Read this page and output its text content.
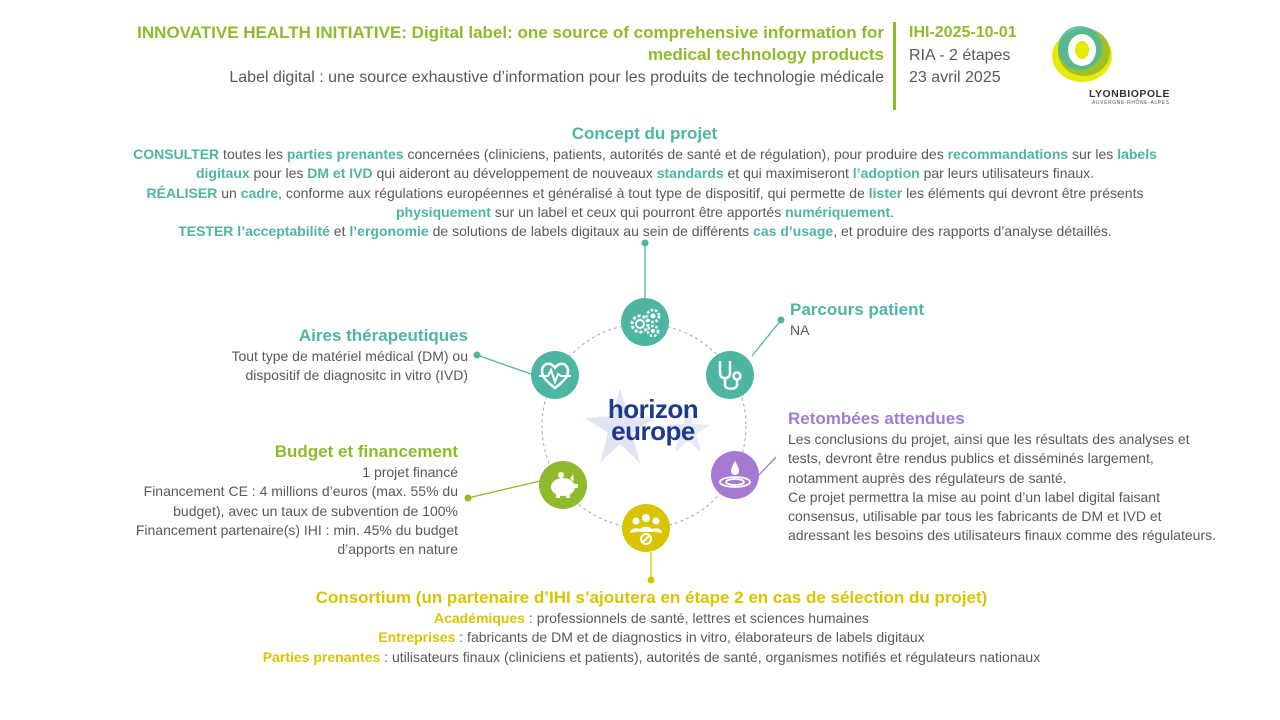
INNOVATIVE HEALTH INITIATIVE: Digital label: one source of comprehensive information for
medical technology products
Label digital : une source exhaustive d’information pour les produits de technologie médicale
IHI-2025-10-01
RIA - 2 étapes
23 avril 2025
LYONBIOPOLE
AUVERGNE-RHÔNE-ALPES
Concept du projet
CONSULTER toutes les parties prenantes concernées (cliniciens, patients, autorités de santé et de régulation), pour produire des recommandations sur les labels
digitaux pour les DM et IVD qui aideront au développement de nouveaux standards et qui maximiseront l’adoption par leurs utilisateurs finaux.
RÉALISER un cadre, conforme aux régulations européennes et généralisé à tout type de dispositif, qui permette de lister les éléments qui devront être présents
physiquement sur un label et ceux qui pourront être apportés numériquement.
TESTER l’acceptabilité et l’ergonomie de solutions de labels digitaux au sein de différents cas d’usage, et produire des rapports d’analyse détaillés.
horizon
europe
Aires thérapeutiques
Tout type de matériel médical (DM) ou
dispositif de diagnositc in vitro (IVD)
Budget et financement
1 projet financé
Financement CE : 4 millions d’euros (max. 55% du
budget), avec un taux de subvention de 100%
Financement partenaire(s) IHI : min. 45% du budget
d’apports en nature
Parcours patient
NA
Retombées attendues
Les conclusions du projet, ainsi que les résultats des analyses et
tests, devront être rendus publics et disséminés largement,
notamment auprès des régulateurs de santé.
Ce projet permettra la mise au point d’un label digital faisant
consensus, utilisable par tous les fabricants de DM et IVD et
adressant les besoins des utilisateurs finaux comme des régulateurs.
Consortium (un partenaire d’IHI s’ajoutera en étape 2 en cas de sélection du projet)
Académiques : professionnels de santé, lettres et sciences humaines
Entreprises : fabricants de DM et de diagnostics in vitro, élaborateurs de labels digitaux
Parties prenantes : utilisateurs finaux (cliniciens et patients), autorités de santé, organismes notifiés et régulateurs nationaux
